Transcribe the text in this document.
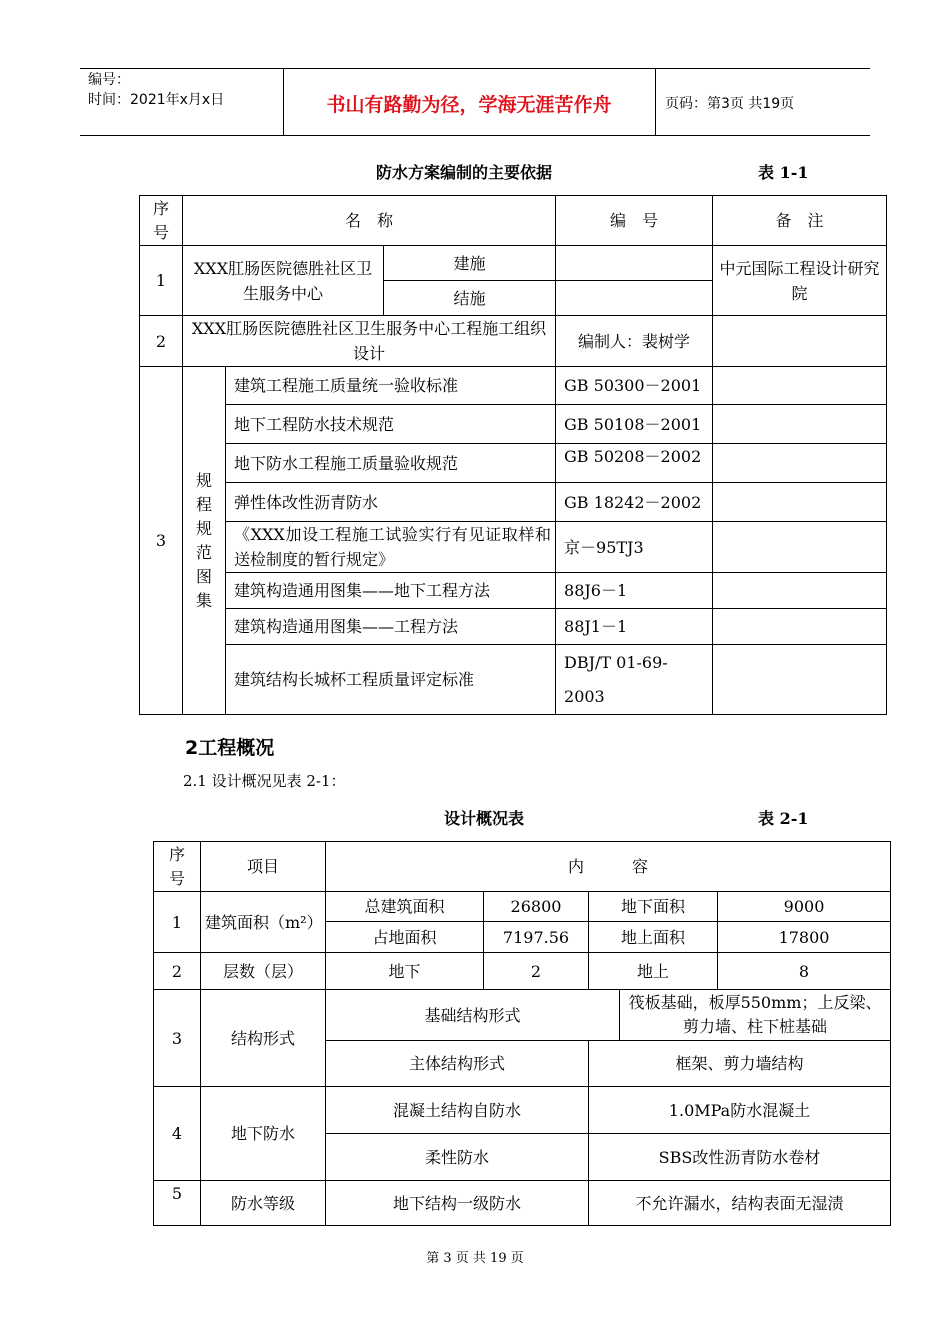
编号：
时间：2021年x月x日	书山有路勤为径，学海无涯苦作舟	页码：第3页 共19页
防水方案编制的主要依据	表 1-1
序号	名　称			编　号	备　注
1	XXX肛肠医院德胜社区卫生服务中心		建施		中元国际工程设计研究院
			结施		
2	XXX肛肠医院德胜社区卫生服务中心工程施工组织设计			编制人：裴树学	
3	规程规范图集	建筑工程施工质量统一验收标准		GB 50300－2001	
		地下工程防水技术规范		GB 50108－2001	
		地下防水工程施工质量验收规范		GB 50208－2002	
		弹性体改性沥青防水		GB 18242－2002	
		《XXX加设工程施工试验实行有见证取样和送检制度的暂行规定》		京－95TJ3	
		建筑构造通用图集——地下工程方法		88J6－1	
		建筑构造通用图集——工程方法		88J1－1	
		建筑结构长城杯工程质量评定标准		DBJ/T 01-69-2003	
2工程概况
2.1 设计概况见表 2-1：
设计概况表	表 2-1
序号	项目	内　　　容				
1	建筑面积（m²）	总建筑面积	26800	地下面积		9000
		占地面积	7197.56	地上面积		17800
2	层数（层）	地下	2	地上		8
3	结构形式	基础结构形式			筏板基础，板厚550mm；上反梁、剪力墙、柱下桩基础	
		主体结构形式		框架、剪力墙结构		
4	地下防水	混凝土结构自防水		1.0MPa防水混凝土		
		柔性防水		SBS改性沥青防水卷材		
5	防水等级	地下结构一级防水		不允许漏水，结构表面无湿渍		
第 3 页 共 19 页
